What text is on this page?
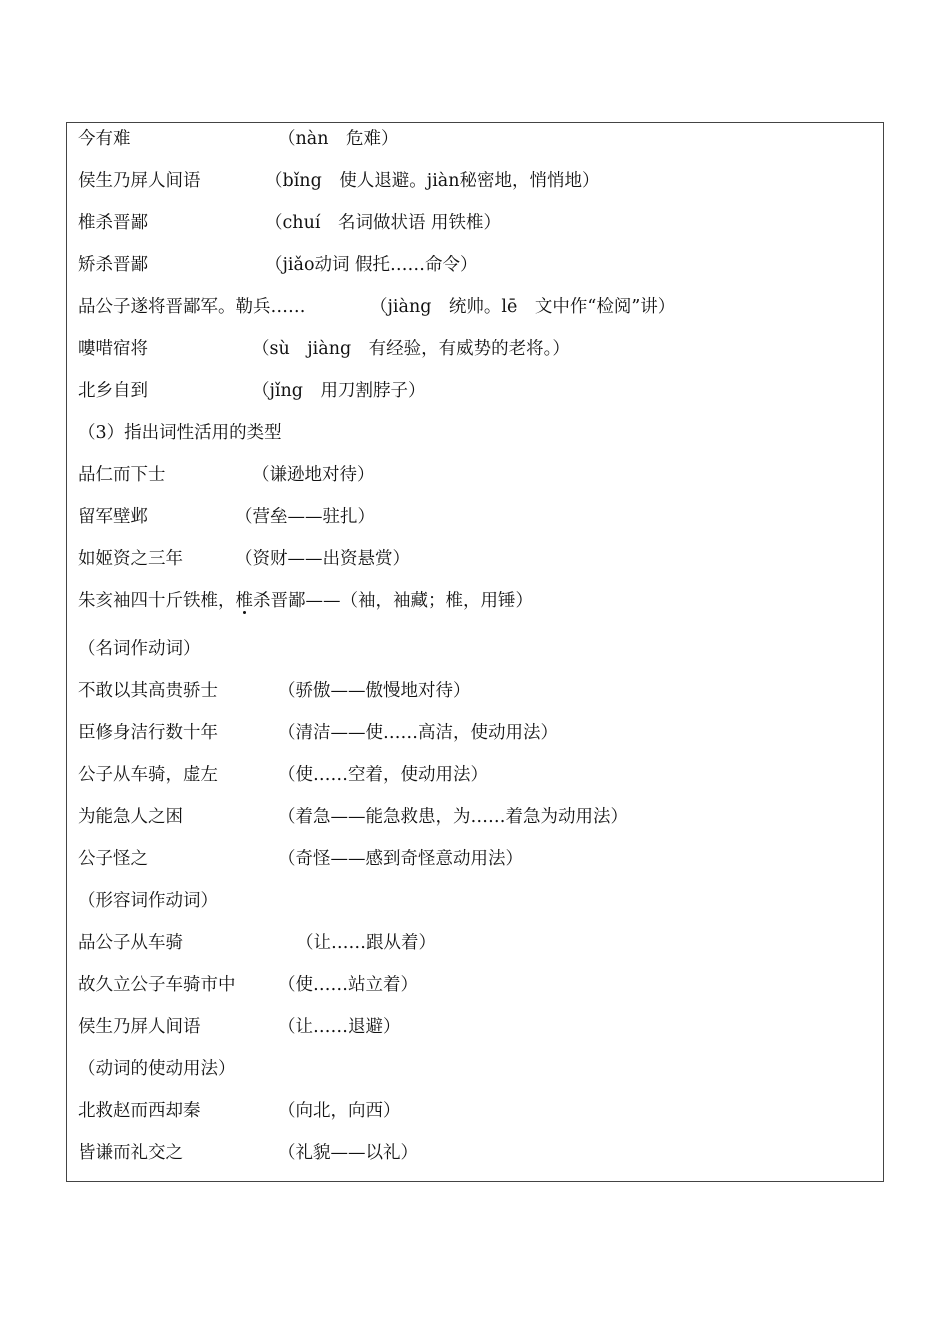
今有难	（nàn　危难）
侯生乃屏人间语	（bǐng　使人退避。jiàn秘密地，悄悄地）
椎杀晋鄙	（chuí　名词做状语 用铁椎）
矫杀晋鄙	（jiǎo动词 假托……命令）
品公子遂将晋鄙军。勒兵……	（jiàng　统帅。lē　文中作“检阅”讲）
嘍唶宿将	（sù　jiàng　有经验，有威势的老将。）
北乡自到	（jǐng　用刀割脖子）
（3）指出词性活用的类型
品仁而下士	（谦逊地对待）
留军壁邺	（营垒——驻扎）
如姬资之三年	（资财——出资悬赏）
朱亥袖四十斤铁椎，椎杀晋鄙——（袖，袖藏；椎，用锤）
（名词作动词）
不敢以其高贵骄士	（骄傲——傲慢地对待）
臣修身洁行数十年	（清洁——使……高洁，使动用法）
公子从车骑，虚左	（使……空着，使动用法）
为能急人之困	（着急——能急救患，为……着急为动用法）
公子怪之	（奇怪——感到奇怪意动用法）
（形容词作动词）
品公子从车骑	（让……跟从着）
故久立公子车骑市中 （使……站立着）
侯生乃屏人间语	（让……退避）
（动词的使动用法）
北救赵而西却秦	（向北，向西）
皆谦而礼交之	（礼貌——以礼）
